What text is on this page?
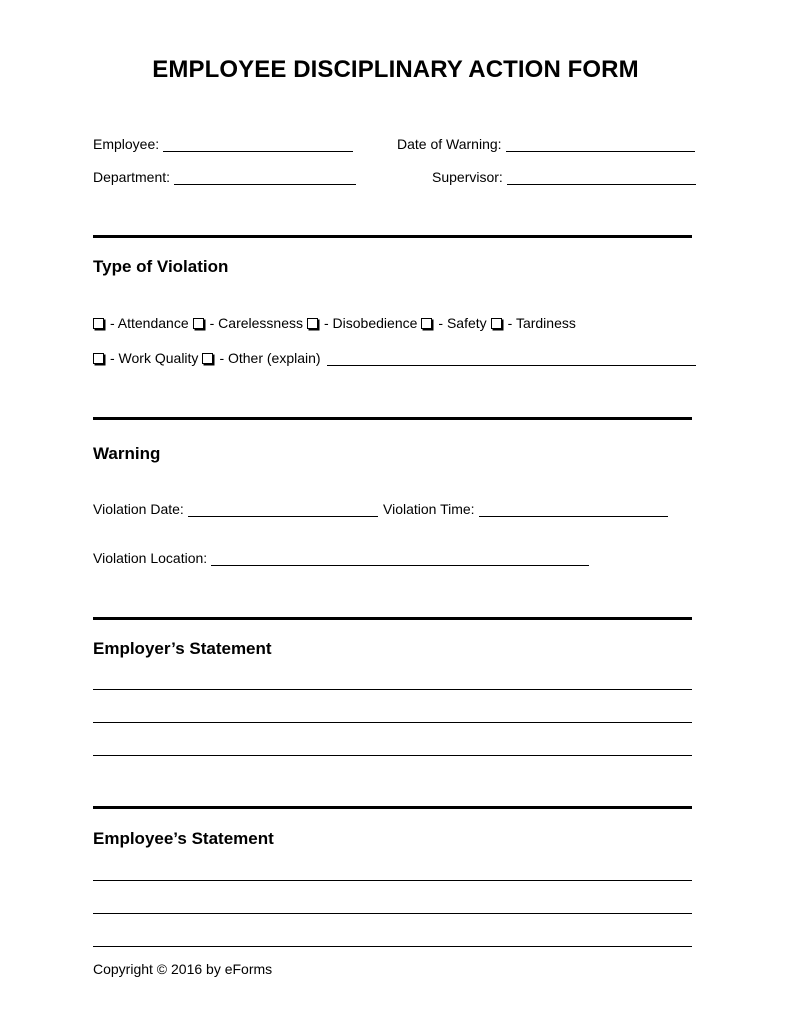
EMPLOYEE DISCIPLINARY ACTION FORM
Employee:	Date of Warning:
Department:	Supervisor:
Type of Violation
- Attendance - Carelessness - Disobedience - Safety - Tardiness
- Work Quality - Other (explain)
Warning
Violation Date:	Violation Time:
Violation Location:
Employer’s Statement
Employee’s Statement
Copyright © 2016 by eForms
